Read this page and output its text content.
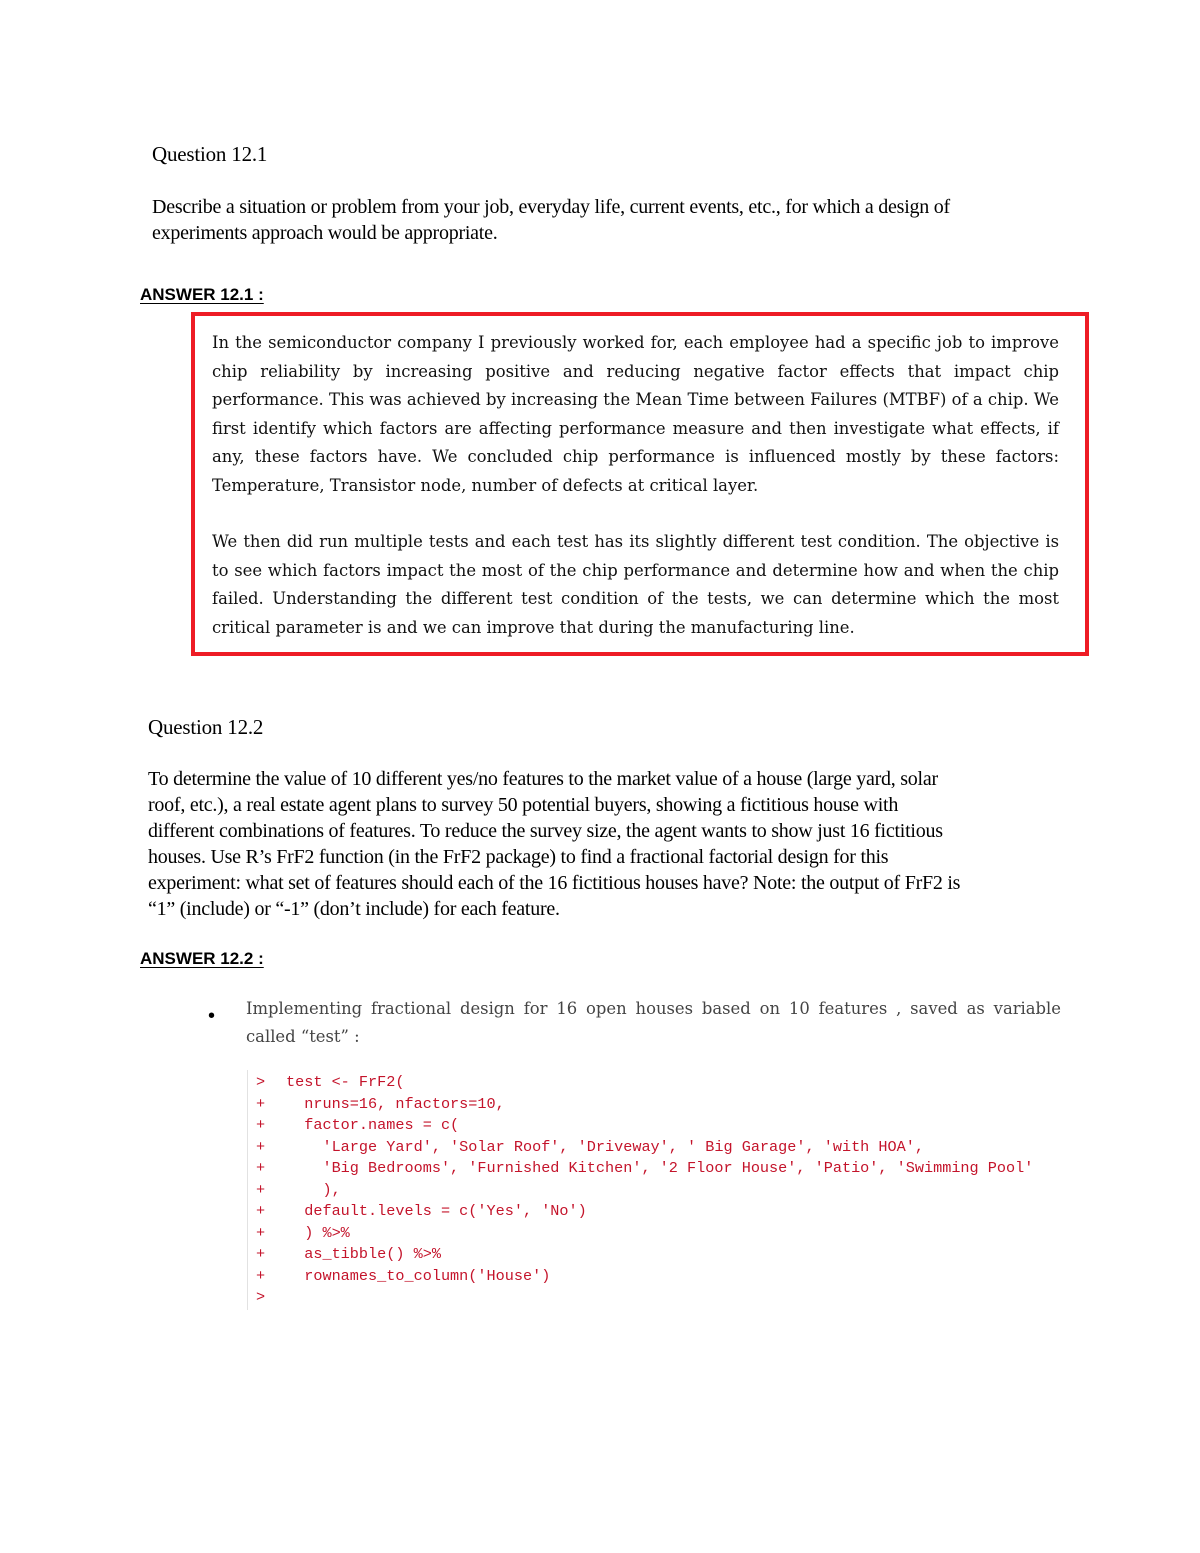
Question 12.1
Describe a situation or problem from your job, everyday life, current events, etc., for which a design of
experiments approach would be appropriate.
ANSWER 12.1 :
In the semiconductor company I previously worked for, each employee had a specific job to improve chip reliability by increasing positive and reducing negative factor effects that impact chip performance. This was achieved by increasing the Mean Time between Failures (MTBF) of a chip. We first identify which factors are affecting performance measure and then investigate what effects, if any, these factors have. We concluded chip performance is influenced mostly by these factors: Temperature, Transistor node, number of defects at critical layer.
We then did run multiple tests and each test has its slightly different test condition. The objective is to see which factors impact the most of the chip performance and determine how and when the chip failed. Understanding the different test condition of the tests, we can determine which the most critical parameter is and we can improve that during the manufacturing line.
Question 12.2
To determine the value of 10 different yes/no features to the market value of a house (large yard, solar
roof, etc.), a real estate agent plans to survey 50 potential buyers, showing a fictitious house with
different combinations of features. To reduce the survey size, the agent wants to show just 16 fictitious
houses. Use R’s FrF2 function (in the FrF2 package) to find a fractional factorial design for this
experiment: what set of features should each of the 16 fictitious houses have? Note: the output of FrF2 is
“1” (include) or “-1” (don’t include) for each feature.
ANSWER 12.2 :
• Implementing fractional design for 16 open houses based on 10 features , saved as variable called “test” :
> test <- FrF2(
+  nruns=16, nfactors=10,
+  factor.names = c(
+    'Large Yard', 'Solar Roof', 'Driveway', ' Big Garage', 'with HOA',
+    'Big Bedrooms', 'Furnished Kitchen', '2 Floor House', 'Patio', 'Swimming Pool'
+    ),
+  default.levels = c('Yes', 'No')
+  ) %>%
+  as_tibble() %>%
+  rownames_to_column('House')
>
